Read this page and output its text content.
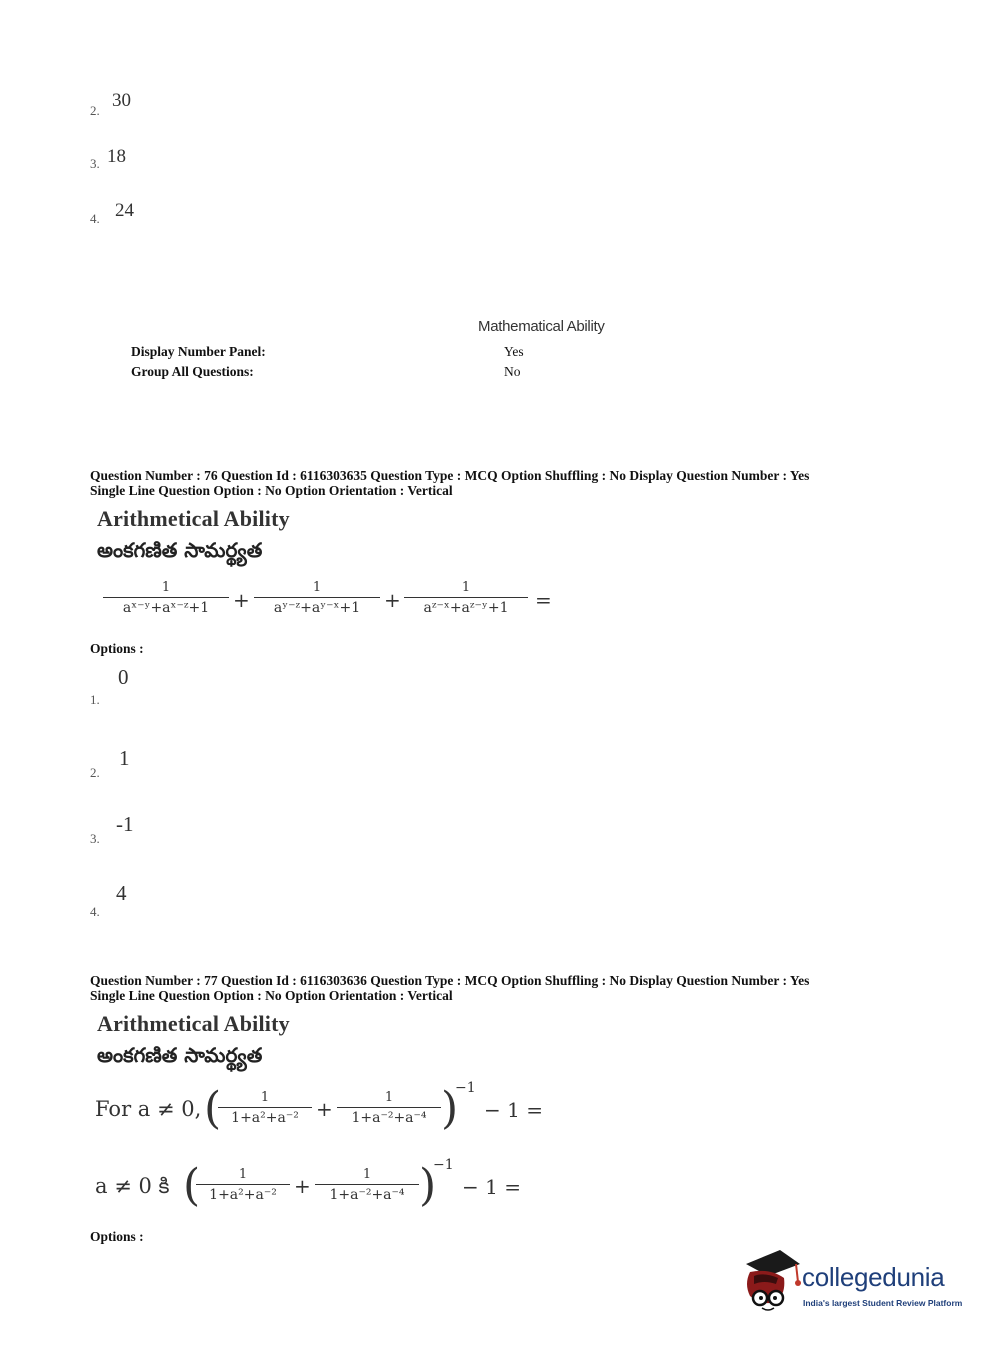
2. 30
3. 18
4. 24
Mathematical Ability
Display Number Panel:	Yes
Group All Questions:	No
Question Number : 76 Question Id : 6116303635 Question Type : MCQ Option Shuffling : No Display Question Number : Yes
Single Line Question Option : No Option Orientation : Vertical
Arithmetical Ability
అంకగణిత సామర్థ్యత
1
aˣ⁻ʸ+aˣ⁻ᶻ+1	+
1
aʸ⁻ᶻ+aʸ⁻ˣ+1	+
1
aᶻ⁻ˣ+aᶻ⁻ʸ+1	=
Options :
0
1.
1
2.
-1
3.
4
4.
Question Number : 77 Question Id : 6116303636 Question Type : MCQ Option Shuffling : No Display Question Number : Yes
Single Line Question Option : No Option Orientation : Vertical
Arithmetical Ability
అంకగణిత సామర్థ్యత
For a ≠ 0, (	1
1+a²+a⁻² +	1
1+a⁻²+a⁻⁴ )
−1
− 1 =
a ≠ 0 కి (	1
1+a²+a⁻² +	1
1+a⁻²+a⁻⁴ )
−1
− 1 =
Options :
collegedunia
India's largest Student Review Platform
